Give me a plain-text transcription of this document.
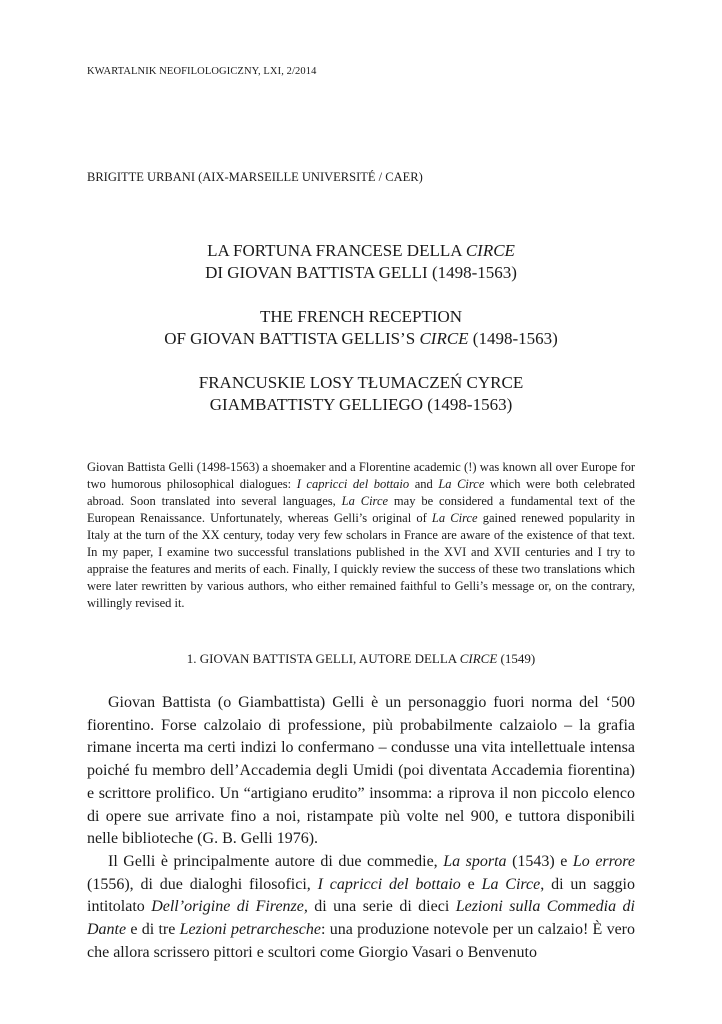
KWARTALNIK NEOFILOLOGICZNY, LXI, 2/2014
BRIGITTE URBANI (AIX-MARSEILLE UNIVERSITÉ / CAER)
LA FORTUNA FRANCESE DELLA CIRCE
DI GIOVAN BATTISTA GELLI (1498-1563)
THE FRENCH RECEPTION
OF GIOVAN BATTISTA GELLIS’S CIRCE (1498-1563)
FRANCUSKIE LOSY TŁUMACZEŃ CYRCE
GIAMBATTISTY GELLIEGO (1498-1563)

Giovan Battista Gelli (1498-1563) a shoemaker and a Florentine academic (!) was known all over Europe for two humorous philosophical dialogues: I capricci del bottaio and La Circe which were both celebrated abroad. Soon translated into several languages, La Circe may be considered a fundamental text of the European Renaissance. Unfortunately, whereas Gelli’s original of La Circe gained renewed popularity in Italy at the turn of the XX century, today very few scholars in France are aware of the existence of that text. In my paper, I examine two successful translations published in the XVI and XVII centuries and I try to appraise the features and merits of each. Finally, I quickly review the success of these two translations which were later rewritten by various authors, who either remained faithful to Gelli’s message or, on the contrary, willingly revised it.

1. GIOVAN BATTISTA GELLI, AUTORE DELLA CIRCE (1549)

Giovan Battista (o Giambattista) Gelli è un personaggio fuori norma del ‘500 fiorentino. Forse calzolaio di professione, più probabilmente calzaiolo – la grafia rimane incerta ma certi indizi lo confermano – condusse una vita intellettuale intensa poiché fu membro dell’Accademia degli Umidi (poi diventata Accademia fiorentina) e scrittore prolifico. Un “artigiano erudito” insomma: a riprova il non piccolo elenco di opere sue arrivate fino a noi, ristampate più volte nel 900, e tuttora disponibili nelle biblioteche (G. B. Gelli 1976).

Il Gelli è principalmente autore di due commedie, La sporta (1543) e Lo errore (1556), di due dialoghi filosofici, I capricci del bottaio e La Circe, di un saggio intitolato Dell’origine di Firenze, di una serie di dieci Lezioni sulla Commedia di Dante e di tre Lezioni petrarchesche: una produzione notevole per un calzaio! È vero che allora scrissero pittori e scultori come Giorgio Vasari o Benvenuto
